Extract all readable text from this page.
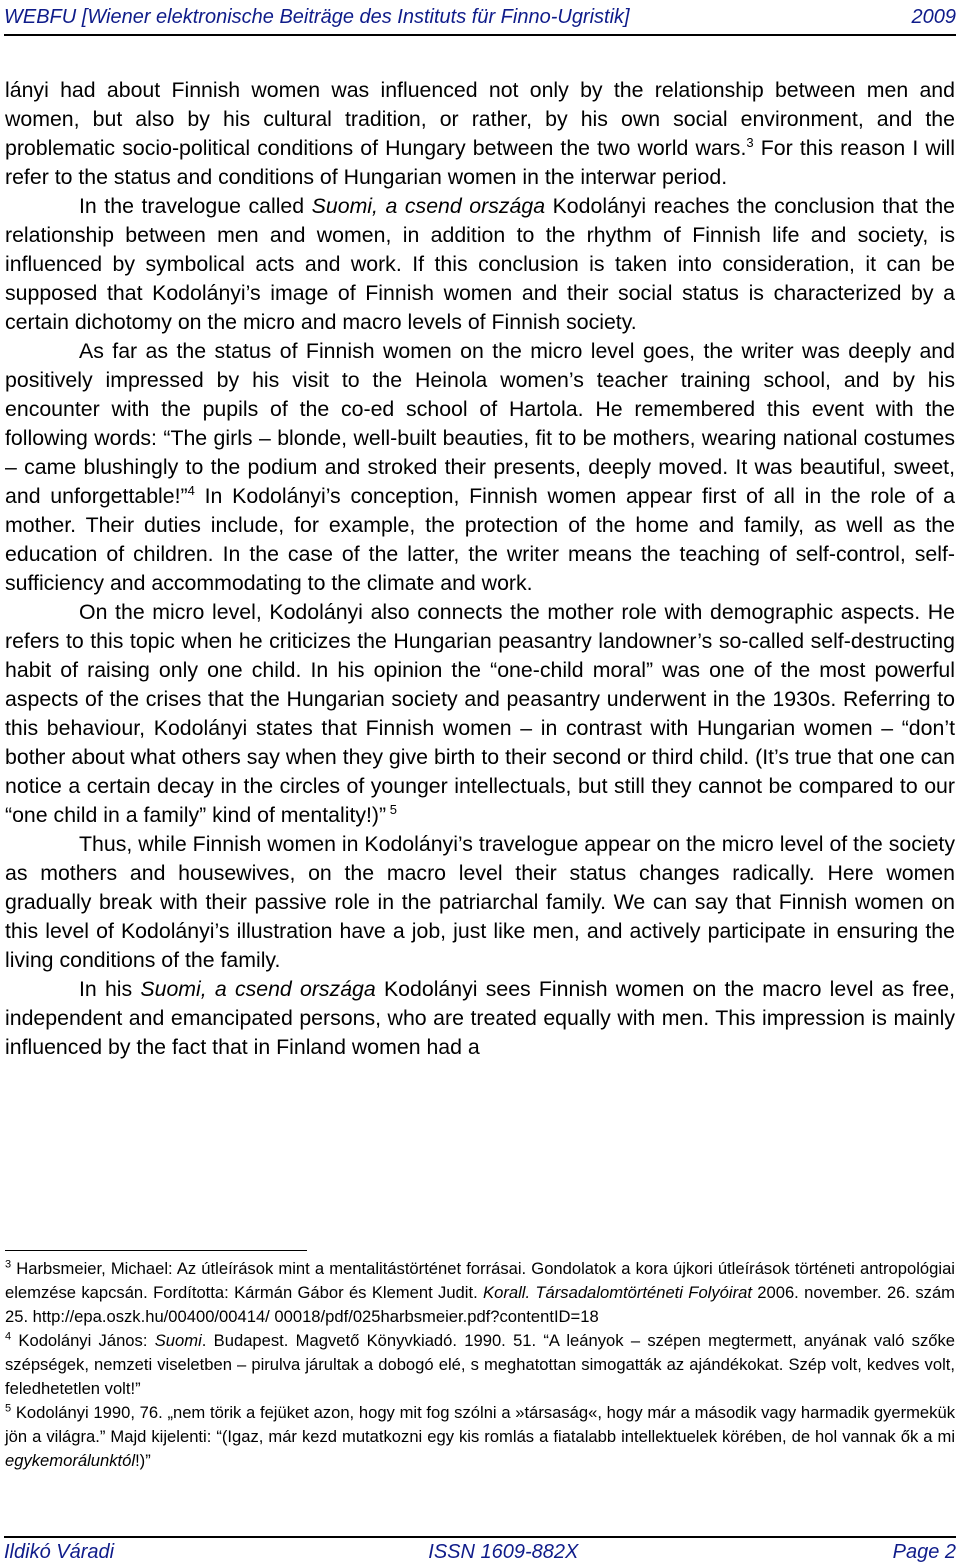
WEBFU [Wiener elektronische Beiträge des Instituts für Finno-Ugristik]	2009

lányi had about Finnish women was influenced not only by the relationship between men and women, but also by his cultural tradition, or rather, by his own social environment, and the problematic socio-political conditions of Hungary between the two world wars.$^3$ For this reason I will refer to the status and conditions of Hungarian women in the interwar period.

In the travelogue called Suomi, a csend országa Kodolányi reaches the conclusion that the relationship between men and women, in addition to the rhythm of Finnish life and society, is influenced by symbolical acts and work. If this conclusion is taken into consideration, it can be supposed that Kodolányi’s image of Finnish women and their social status is characterized by a certain dichotomy on the micro and macro levels of Finnish society.

As far as the status of Finnish women on the micro level goes, the writer was deeply and positively impressed by his visit to the Heinola women’s teacher training school, and by his encounter with the pupils of the co-ed school of Hartola. He remembered this event with the following words: “The girls – blonde, well-built beauties, fit to be mothers, wearing national costumes – came blushingly to the podium and stroked their presents, deeply moved. It was beautiful, sweet, and unforgettable!”$^4$ In Kodolányi’s conception, Finnish women appear first of all in the role of a mother. Their duties include, for example, the protection of the home and family, as well as the education of children. In the case of the latter, the writer means the teaching of self-control, self-sufficiency and accommodating to the climate and work.

On the micro level, Kodolányi also connects the mother role with demographic aspects. He refers to this topic when he criticizes the Hungarian peasantry landowner’s so-called self-destructing habit of raising only one child. In his opinion the “one-child moral” was one of the most powerful aspects of the crises that the Hungarian society and peasantry underwent in the 1930s. Referring to this behaviour, Kodolányi states that Finnish women – in contrast with Hungarian women – “don’t bother about what others say when they give birth to their second or third child. (It’s true that one can notice a certain decay in the circles of younger intellectuals, but still they cannot be compared to our “one child in a family” kind of mentality!)” $^5$

Thus, while Finnish women in Kodolányi’s travelogue appear on the micro level of the society as mothers and housewives, on the macro level their status changes radically. Here women gradually break with their passive role in the patriarchal family. We can say that Finnish women on this level of Kodolányi’s illustration have a job, just like men, and actively participate in ensuring the living conditions of the family.

In his Suomi, a csend országa Kodolányi sees Finnish women on the macro level as free, independent and emancipated persons, who are treated equally with men. This impression is mainly influenced by the fact that in Finland women had a

$^3$ Harbsmeier, Michael: Az útleírások mint a mentalitástörténet forrásai. Gondolatok a kora újkori útleírások történeti antropológiai elemzése kapcsán. Fordította: Kármán Gábor és Klement Judit. Korall. Társadalomtörténeti Folyóirat 2006. november. 26. szám 25. http://epa.oszk.hu/00400/00414/ 00018/pdf/025harbsmeier.pdf?contentID=18

$^4$ Kodolányi János: Suomi. Budapest. Magvető Könyvkiadó. 1990. 51. “A leányok – szépen megtermett, anyának való szőke szépségek, nemzeti viseletben – pirulva járultak a dobogó elé, s meghatottan simogatták az ajándékokat. Szép volt, kedves volt, feledhetetlen volt!”

$^5$ Kodolányi 1990, 76. „nem törik a fejüket azon, hogy mit fog szólni a »társaság«, hogy már a második vagy harmadik gyermekük jön a világra.” Majd kijelenti: “(Igaz, már kezd mutatkozni egy kis romlás a fiatalabb intellektuelek körében, de hol vannak ők a mi egykemorálunktól!)”

Ildikó Váradi	ISSN 1609-882X	Page 2
